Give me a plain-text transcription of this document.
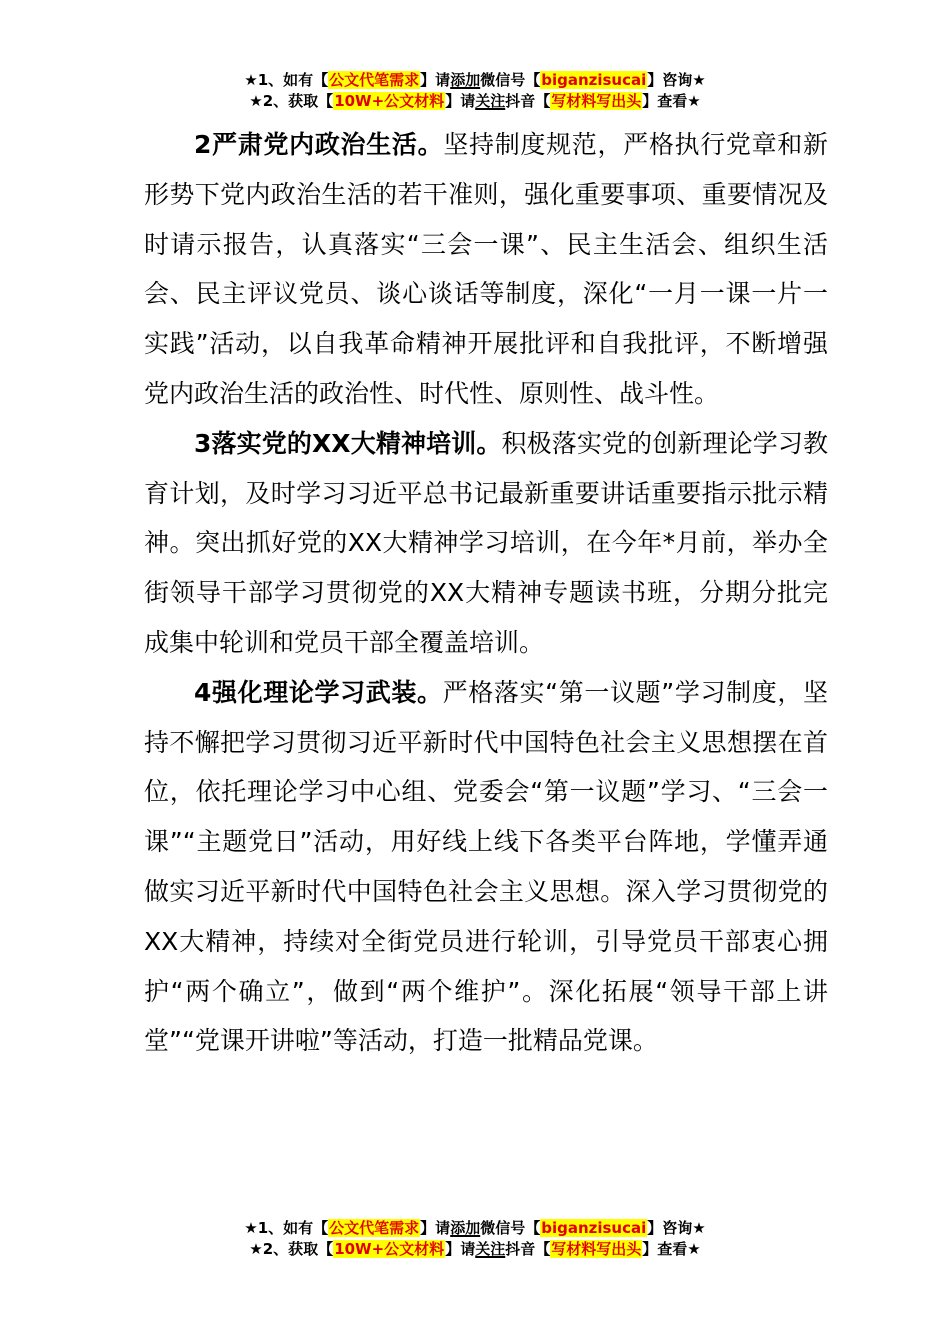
★1、如有【公文代笔需求】请添加微信号【biganzisucai】咨询★
★2、获取【10W+公文材料】请关注抖音【写材料写出头】查看★

2严肃党内政治生活。坚持制度规范，严格执行党章和新形势下党内政治生活的若干准则，强化重要事项、重要情况及时请示报告，认真落实“三会一课”、民主生活会、组织生活会、民主评议党员、谈心谈话等制度，深化“一月一课一片一实践”活动，以自我革命精神开展批评和自我批评，不断增强党内政治生活的政治性、时代性、原则性、战斗性。

3落实党的XX大精神培训。积极落实党的创新理论学习教育计划，及时学习习近平总书记最新重要讲话重要指示批示精神。突出抓好党的XX大精神学习培训，在今年*月前，举办全街领导干部学习贯彻党的XX大精神专题读书班，分期分批完成集中轮训和党员干部全覆盖培训。

4强化理论学习武装。严格落实“第一议题”学习制度，坚持不懈把学习贯彻习近平新时代中国特色社会主义思想摆在首位，依托理论学习中心组、党委会“第一议题”学习、“三会一课”“主题党日”活动，用好线上线下各类平台阵地，学懂弄通做实习近平新时代中国特色社会主义思想。深入学习贯彻党的XX大精神，持续对全街党员进行轮训，引导党员干部衷心拥护“两个确立”，做到“两个维护”。深化拓展“领导干部上讲堂”“党课开讲啦”等活动，打造一批精品党课。

★1、如有【公文代笔需求】请添加微信号【biganzisucai】咨询★
★2、获取【10W+公文材料】请关注抖音【写材料写出头】查看★
